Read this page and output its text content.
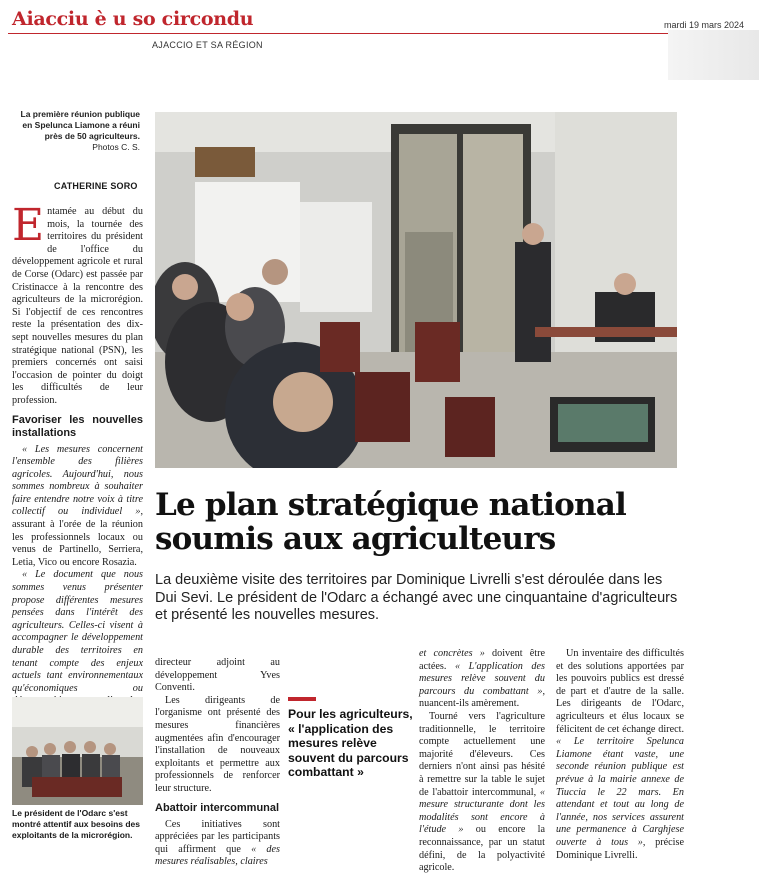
Aiacciu è u so circondu
AJACCIO ET SA RÉGION
mardi 19 mars 2024
La première réunion publique en Spelunca Liamone a réuni près de 50 agriculteurs.
Photos C. S.
CATHERINE SORO

Entamée au début du mois, la tournée des territoires du président de l'office du développement agricole et rural de Corse (Odarc) est passée par Cristinacce à la rencontre des agriculteurs de la microrégion. Si l'objectif de ces rencontres reste la présentation des dix-sept nouvelles mesures du plan stratégique national (PSN), les premiers concernés ont saisi l'occasion de pointer du doigt les difficultés de leur profession.

Favoriser les nouvelles installations

« Les mesures concernent l'ensemble des filières agricoles. Aujourd'hui, nous sommes nombreux à souhaiter faire entendre notre voix à titre collectif ou individuel », assurant à l'orée de la réunion les professionnels locaux ou venus de Partinello, Serriera, Letia, Vico ou encore Rosazia.

« Le document que nous sommes venus présenter propose différentes mesures pensées dans l'intérêt des agriculteurs. Celles-ci visent à accompagner le développement durable des territoires en tenant compte des enjeux actuels tant environnementaux qu'économiques ou

Le plan stratégique national soumis aux agriculteurs
La deuxième visite des territoires par Dominique Livrelli s'est déroulée dans les Dui Sevi. Le président de l'Odarc a échangé avec une cinquantaine d'agriculteurs et présenté les nouvelles mesures.

directeur adjoint au développement Yves Conventi.

Les dirigeants de l'organisme ont présenté des mesures financières augmentées afin d'encourager l'installation de nouveaux exploitants et permettre aux professionnels de renforcer leur structure.

Abattoir intercommunal

Ces initiatives sont appréciées par les participants qui affirment que « des mesures réalisables, claires

Pour les agriculteurs, « l'application des mesures relève souvent du parcours combattant »

et concrètes » doivent être actées. « L'application des mesures relève souvent du parcours du combattant », nuancent-ils amèrement.

Tourné vers l'agriculture traditionnelle, le territoire compte actuellement une majorité d'éleveurs. Ces derniers n'ont ainsi pas hésité à remettre sur la table le sujet de l'abattoir intercommunal, « mesure structurante dont les modalités sont encore à l'étude » ou encore la reconnaissance, par un statut défini, de la polyactivité agricole.

Un inventaire des difficultés et des solutions apportées par les pouvoirs publics est dressé de part et d'autre de la salle. Les dirigeants de l'Odarc, agriculteurs et élus locaux se félicitent de cet échange direct. « Le territoire Spelunca Liamone étant vaste, une seconde réunion publique est prévue à la mairie annexe de Tiuccia le 22 mars. En attendant et tout au long de l'année, nos services assurent une permanence à Carghjese ouverte à tous », précise Dominique Livrelli.

Le président de l'Odarc s'est montré attentif aux besoins des exploitants de la microrégion.
